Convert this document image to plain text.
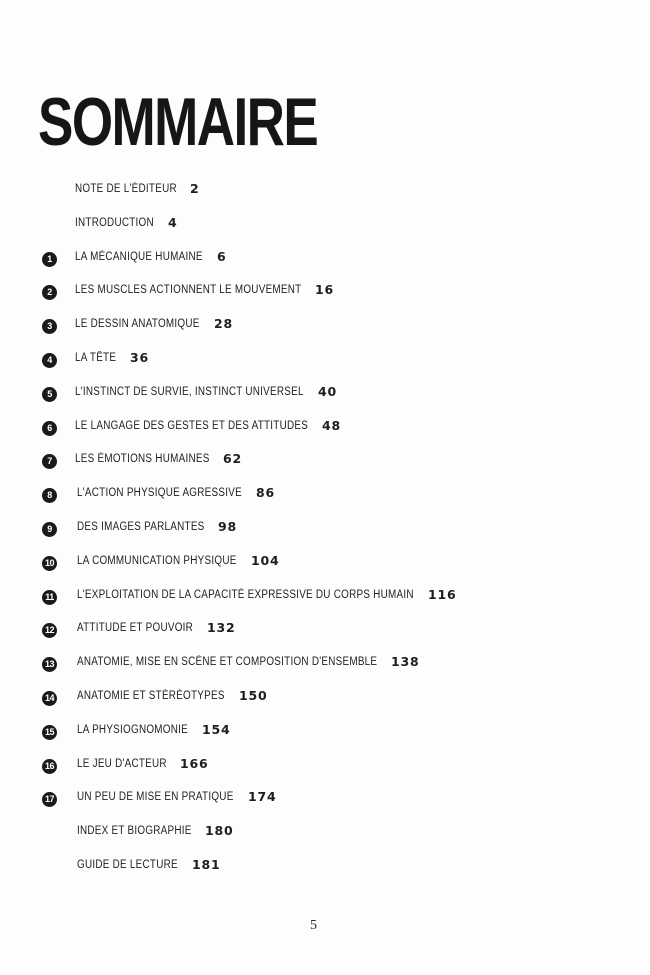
SOMMAIRE
NOTE DE L'ÉDITEUR 2
INTRODUCTION 4
1	LA MÉCANIQUE HUMAINE 6
2	LES MUSCLES ACTIONNENT LE MOUVEMENT 16
3	LE DESSIN ANATOMIQUE 28
4	LA TÊTE 36
5	L'INSTINCT DE SURVIE, INSTINCT UNIVERSEL 40
6	LE LANGAGE DES GESTES ET DES ATTITUDES 48
7	LES ÉMOTIONS HUMAINES 62
8	L'ACTION PHYSIQUE AGRESSIVE 86
9	DES IMAGES PARLANTES 98
10 LA COMMUNICATION PHYSIQUE 104
11 L'EXPLOITATION DE LA CAPACITÉ EXPRESSIVE DU CORPS HUMAIN 116
12 ATTITUDE ET POUVOIR 132
13 ANATOMIE, MISE EN SCÈNE ET COMPOSITION D'ENSEMBLE 138
14 ANATOMIE ET STÉRÉOTYPES 150
15 LA PHYSIOGNOMONIE 154
16 LE JEU D'ACTEUR 166
17 UN PEU DE MISE EN PRATIQUE 174
INDEX ET BIOGRAPHIE 180
GUIDE DE LECTURE 181
5
